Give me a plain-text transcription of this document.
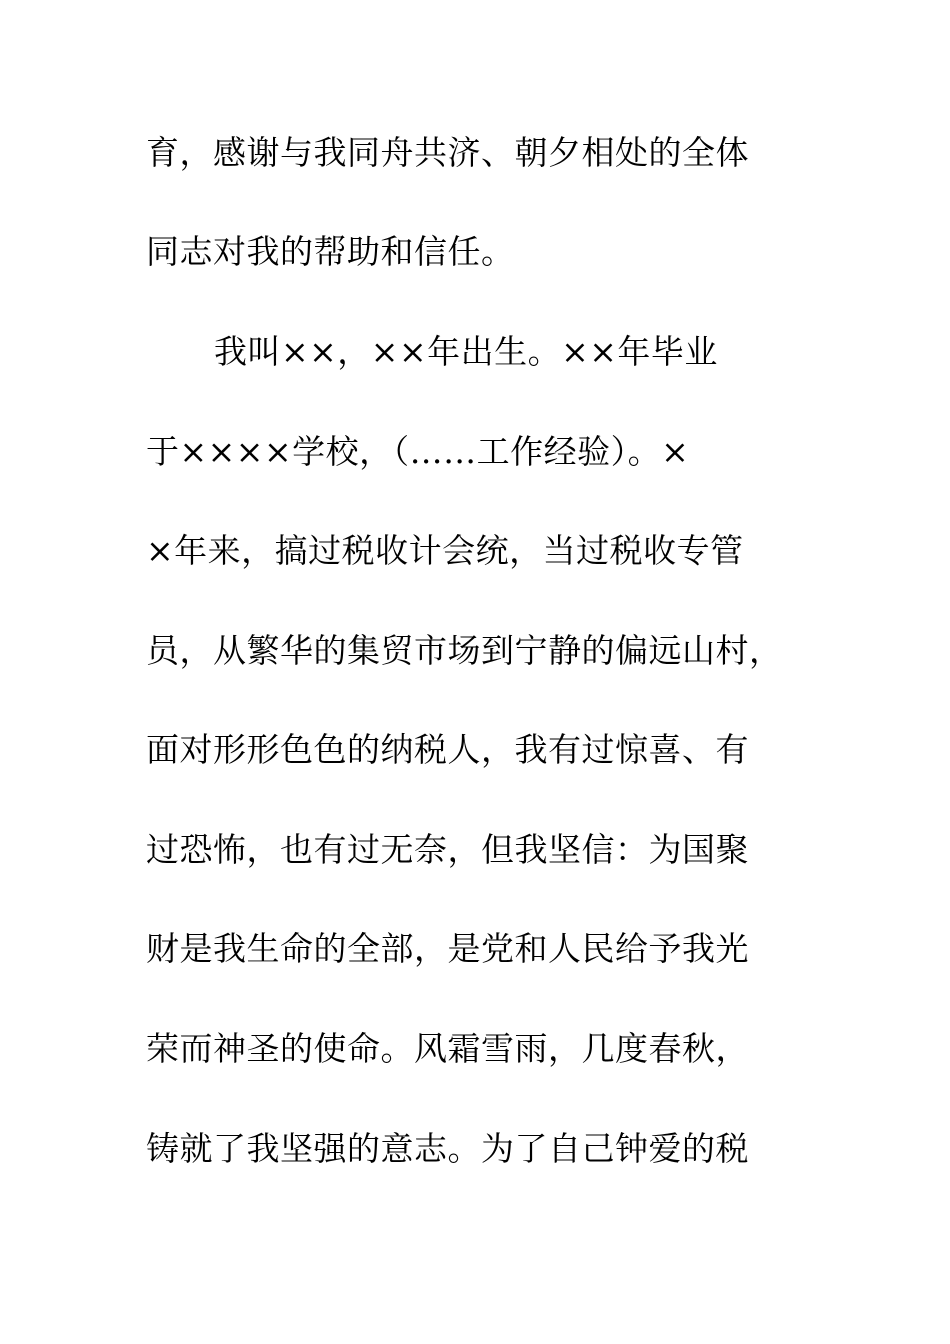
育，感谢与我同舟共济、朝夕相处的全体
同志对我的帮助和信任。
我叫××，××年出生。××年毕业
于××××学校，（……工作经验）。×
×年来，搞过税收计会统，当过税收专管
员，从繁华的集贸市场到宁静的偏远山村，
面对形形色色的纳税人，我有过惊喜、有
过恐怖，也有过无奈，但我坚信：为国聚
财是我生命的全部，是党和人民给予我光
荣而神圣的使命。风霜雪雨，几度春秋，
铸就了我坚强的意志。为了自己钟爱的税
